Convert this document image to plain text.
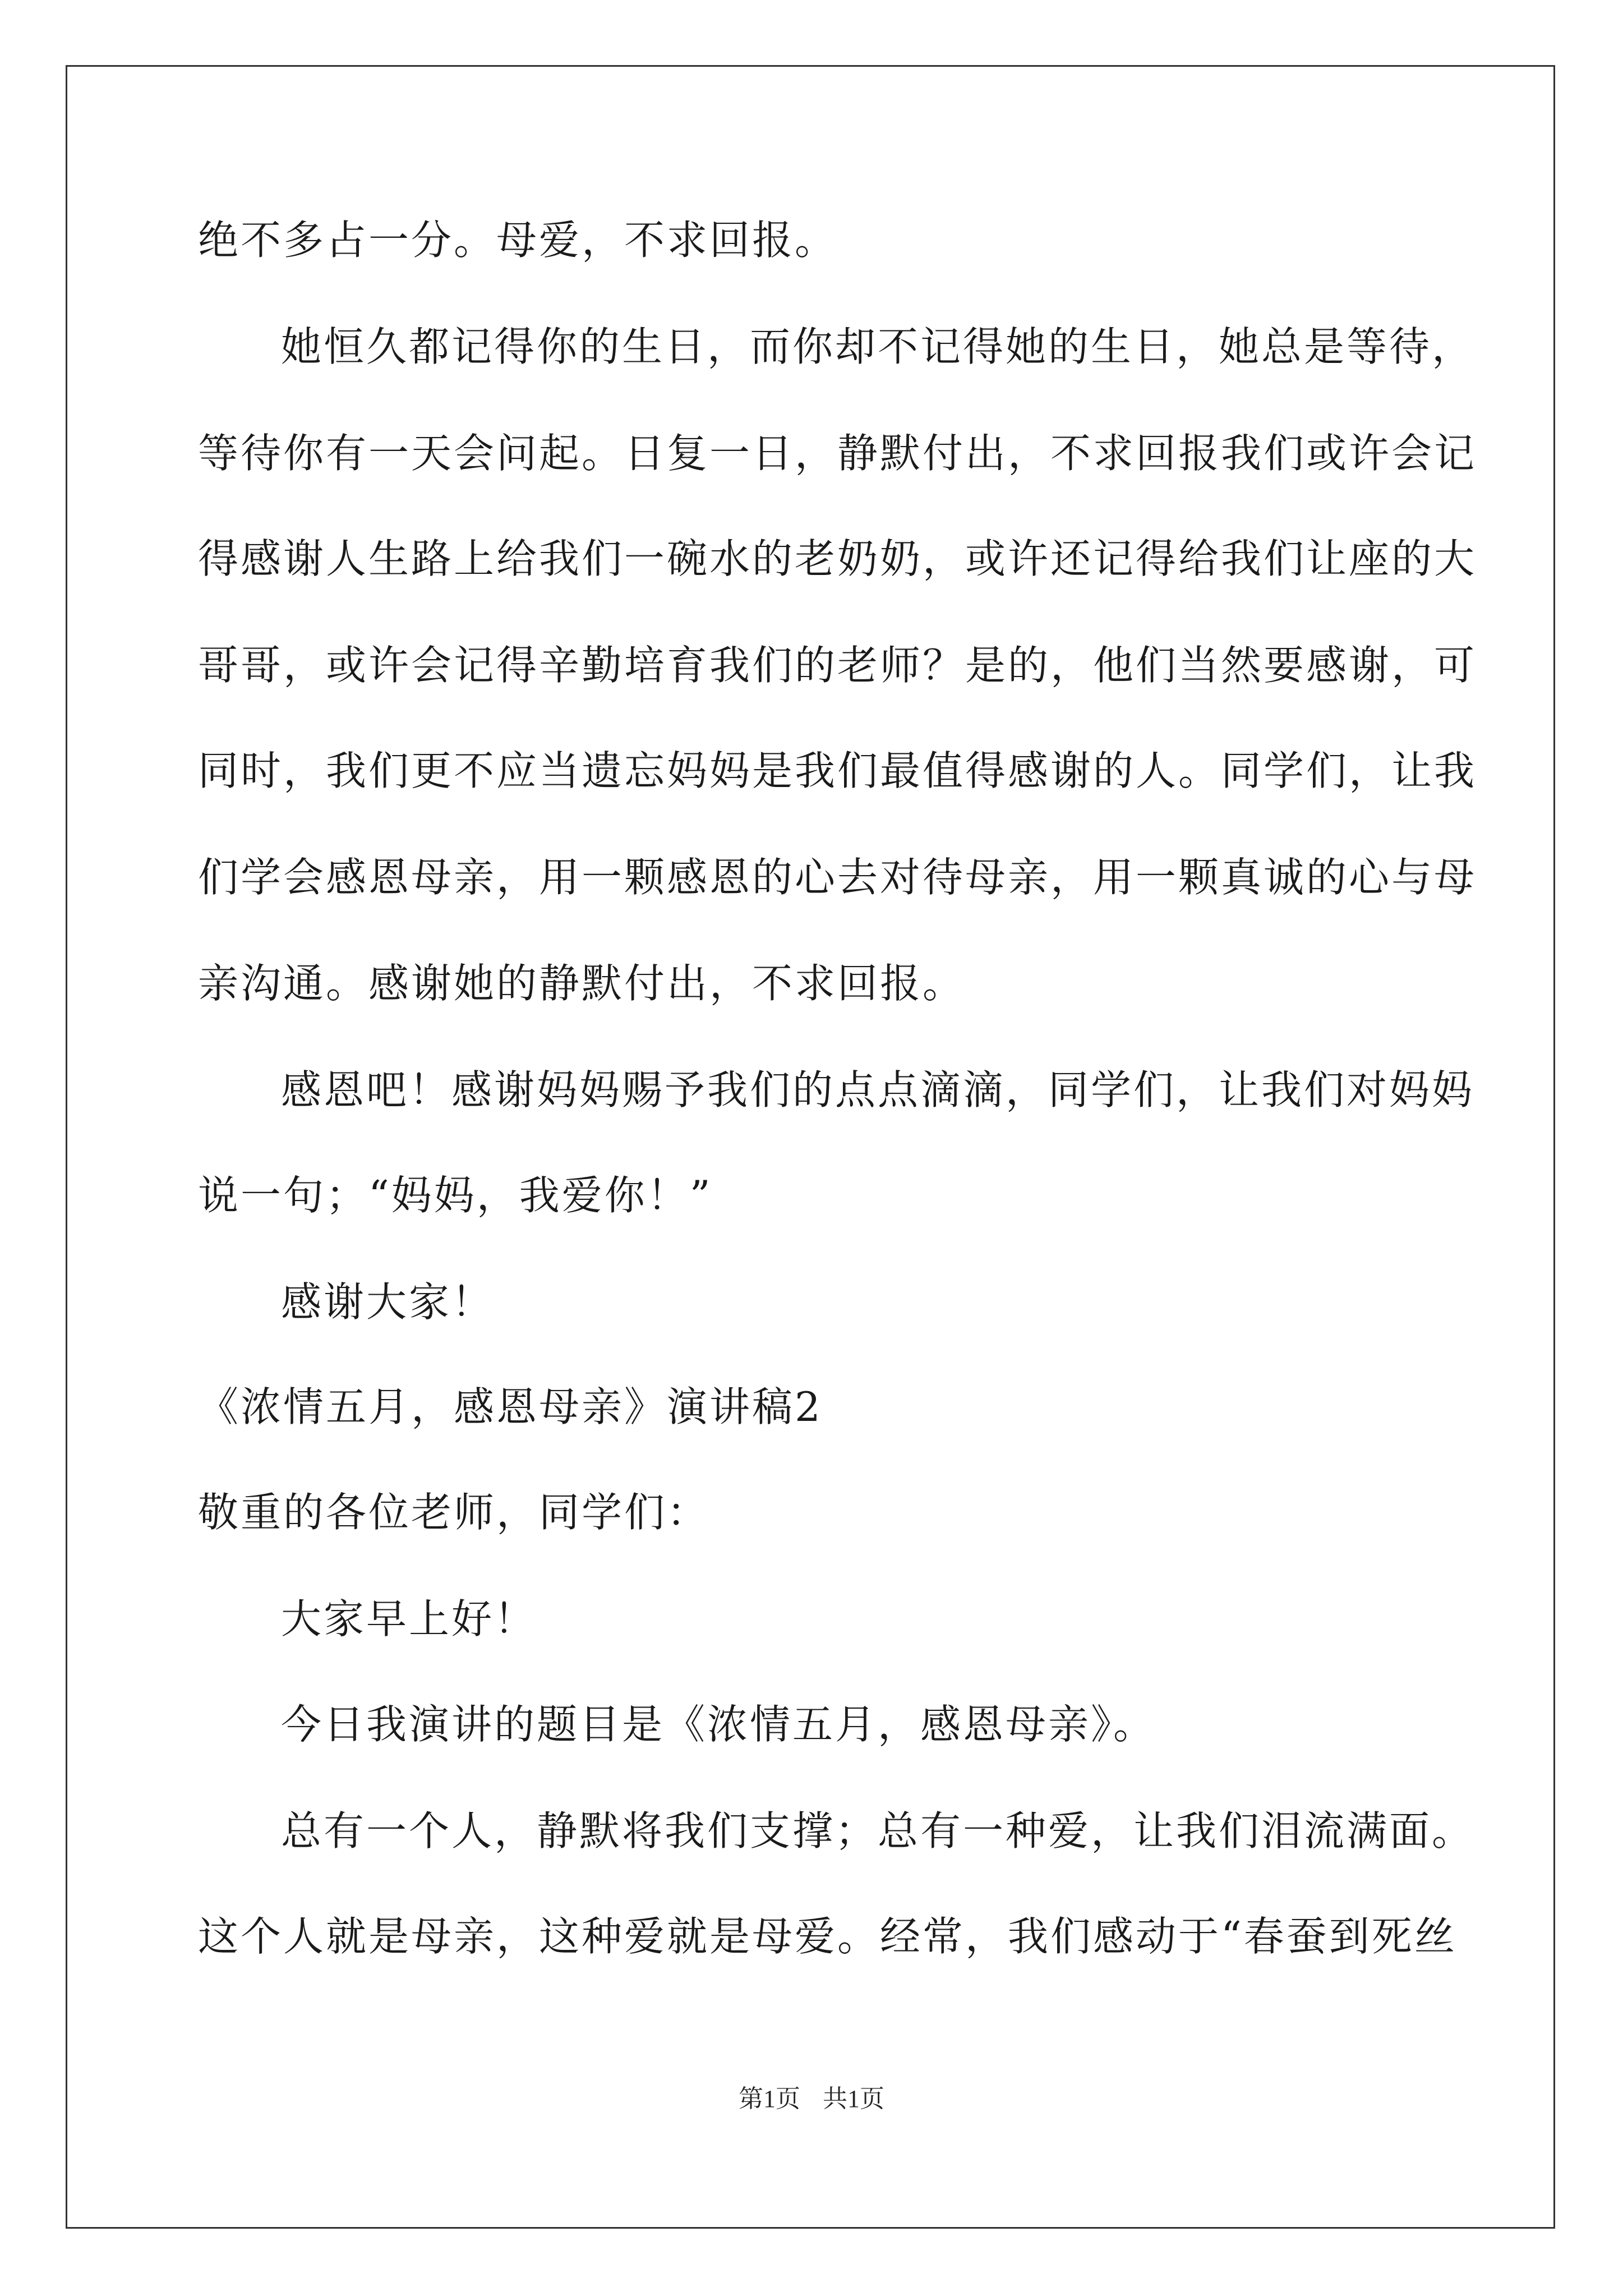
绝不多占一分。母爱，不求回报。
她恒久都记得你的生日，而你却不记得她的生日，她总是等待，
等待你有一天会问起。日复一日，静默付出，不求回报我们或许会记
得感谢人生路上给我们一碗水的老奶奶，或许还记得给我们让座的大
哥哥，或许会记得辛勤培育我们的老师？是的，他们当然要感谢，可
同时，我们更不应当遗忘妈妈是我们最值得感谢的人。同学们，让我
们学会感恩母亲，用一颗感恩的心去对待母亲，用一颗真诚的心与母
亲沟通。感谢她的静默付出，不求回报。
感恩吧！感谢妈妈赐予我们的点点滴滴，同学们，让我们对妈妈
说一句；“妈妈，我爱你！”
感谢大家！
《浓情五月，感恩母亲》演讲稿2
敬重的各位老师，同学们：
大家早上好！
今日我演讲的题目是《浓情五月，感恩母亲》。
总有一个人，静默将我们支撑；总有一种爱，让我们泪流满面。
这个人就是母亲，这种爱就是母爱。经常，我们感动于“春蚕到死丝
第1页 共1页
